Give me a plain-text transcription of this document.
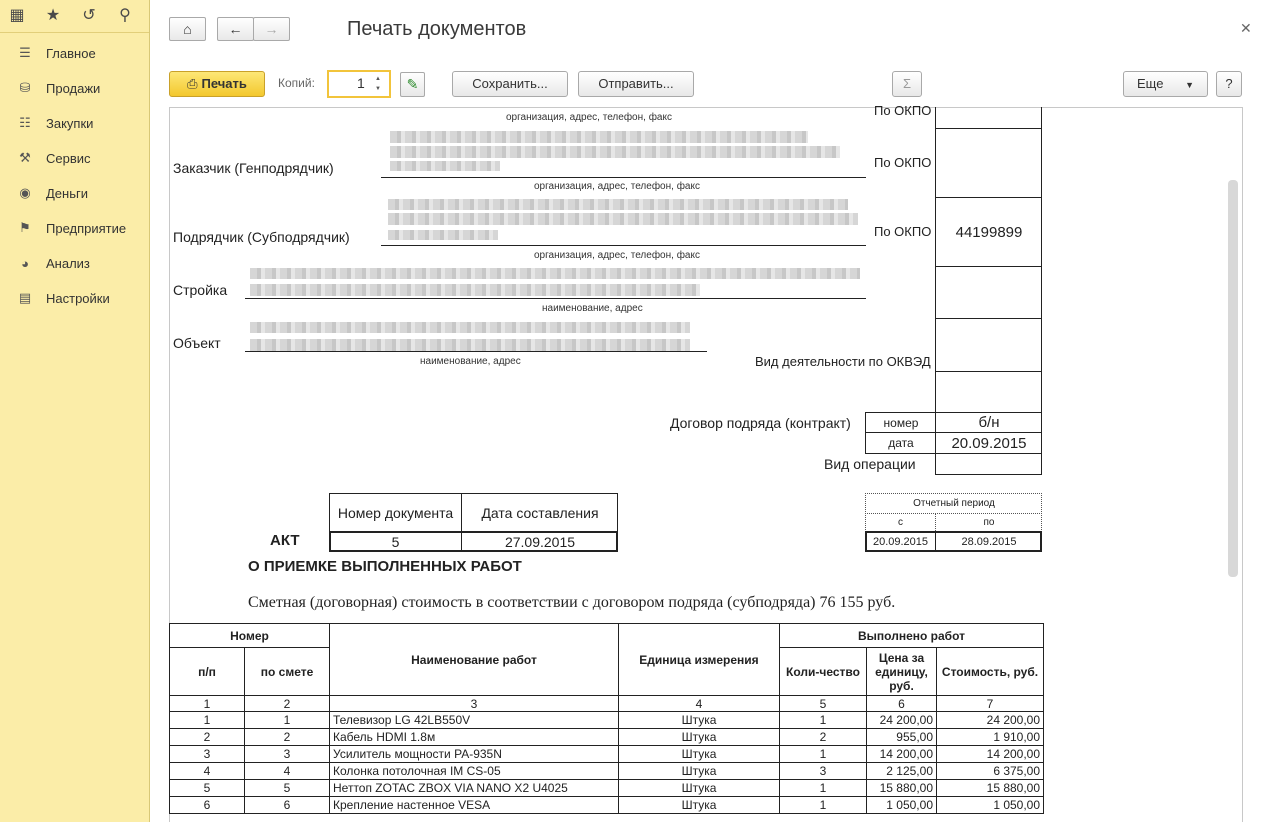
▦ ★ ↺ ⚲
☰ Главное
⛁ Продажи
☷ Закупки
⚒ Сервис
◉ Деньги
⚑ Предприятие
◕	Анализ
▤ Настройки
⌂	←	→	Печать документов	✕
⎙ Печать	Копий:	1	▲
▼	✎	Сохранить...	Отправить...	Σ	Еще ▼	?
организация, адрес, телефон, факс	По ОКПО
Заказчик (Генподрядчик)
организация, адрес, телефон, факс
По ОКПО
Подрядчик (Субподрядчик)
организация, адрес, телефон, факс
По ОКПО	44199899
Стройка
наименование, адрес
Объект
наименование, адрес	Вид деятельности по ОКВЭД
Договор подряда (контракт)	номер	б/н
дата	20.09.2015
Вид операции
Номер документа	Дата составления
5	27.09.2015
АКТ
О ПРИЕМКЕ ВЫПОЛНЕННЫХ РАБОТ
Отчетный период
с	по
20.09.2015	28.09.2015
Сметная (договорная) стоимость в соответствии с договором подряда (субподряда) 76 155 руб.
Номер		Наименование работ	Единица измерения	Выполнено работ		
п/п	по смете			Коли-чество	Цена за единицу, руб.	Стоимость, руб.
1	2	3	4	5	6	7
1	1	Телевизор LG 42LB550V	Штука	1	24 200,00	24 200,00
2	2	Кабель HDMI 1.8м	Штука	2	955,00	1 910,00
3	3	Усилитель мощности PA-935N	Штука	1	14 200,00	14 200,00
4	4	Колонка потолочная IM CS-05	Штука	3	2 125,00	6 375,00
5	5	Неттоп ZOTAC ZBOX VIA NANO X2 U4025	Штука	1	15 880,00	15 880,00
6	6	Крепление настенное VESA	Штука	1	1 050,00	1 050,00
